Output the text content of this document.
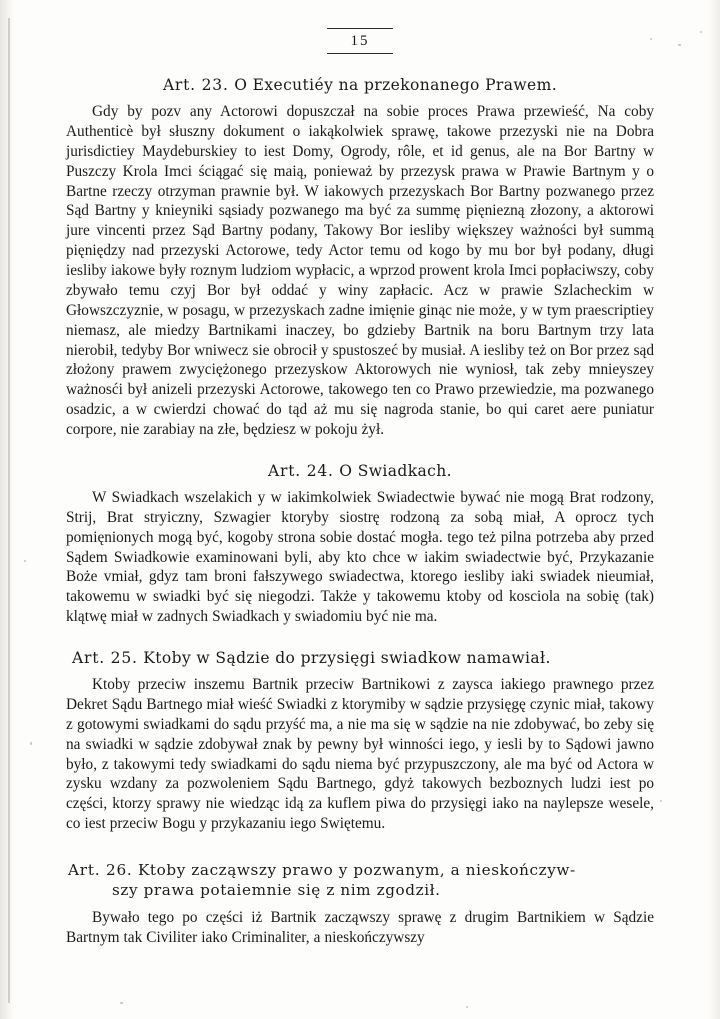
15
Art. 23. O Executiéy na przekonanego Prawem.

Gdy by pozv any Actorowi dopuszczał na sobie proces Prawa przewieść, Na coby Authenticè był słuszny dokument o iakąkolwiek sprawę, takowe przezyski nie na Dobra jurisdictiey Maydeburskiey to iest Domy, Ogrody, rôle, et id genus, ale na Bor Bartny w Puszczy Krola Imci ściągać się maią, ponieważ by przezysk prawa w Prawie Bartnym y o Bartne rzeczy otrzyman prawnie był. W iakowych przezyskach Bor Bartny pozwanego przez Sąd Bartny y knieyniki sąsiady pozwanego ma być za summę pięniezną złozony, a aktorowi jure vincenti przez Sąd Bartny podany, Takowy Bor iesliby większey ważności był summą pięniędzy nad przezyski Actorowe, tedy Actor temu od kogo by mu bor był podany, długi iesliby iakowe były roznym ludziom wypłacic, a wprzod prowent krola Imci popłaciwszy, coby zbywało temu czyj Bor był oddać y winy zapłacic. Acz w prawie Szlacheckim w Głowszczyznie, w posagu, w przezyskach zadne imięnie ginąc nie może, y w tym praescriptiey niemasz, ale miedzy Bartnikami inaczey, bo gdzieby Bartnik na boru Bartnym trzy lata nierobił, tedyby Bor wniwecz sie obrocił y spustoszeć by musiał. A iesliby też on Bor przez sąd złożony prawem zwyciężonego przezyskow Aktorowych nie wyniosł, tak zeby mnieyszey ważnosći był anizeli przezyski Actorowe, takowego ten co Prawo przewiedzie, ma pozwanego osadzic, a w cwierdzi chować do tąd aż mu się nagroda stanie, bo qui caret aere puniatur corpore, nie zarabiay na złe, będziesz w pokoju żył.

Art. 24. O Swiadkach.

W Swiadkach wszelakich y w iakimkolwiek Swiadectwie bywać nie mogą Brat rodzony, Strij, Brat stryiczny, Szwagier ktoryby siostrę rodzoną za sobą miał, A oprocz tych pomięnionych mogą być, kogoby strona sobie dostać mogła. tego też pilna potrzeba aby przed Sądem Swiadkowie examinowani byli, aby kto chce w iakim swiadectwie być, Przykazanie Boże vmiał, gdyz tam broni fałszywego swiadectwa, ktorego iesliby iaki swiadek nieumiał, takowemu w swiadki być się niegodzi. Także y takowemu ktoby od kosciola na sobię (tak) klątwę miał w zadnych Swiadkach y swiadomiu być nie ma.

Art. 25. Ktoby w Sądzie do przysięgi swiadkow namawiał.

Ktoby przeciw inszemu Bartnik przeciw Bartnikowi z zaysca iakiego prawnego przez Dekret Sądu Bartnego miał wieść Swiadki z ktorymiby w sądzie przysięgę czynic miał, takowy z gotowymi swiadkami do sądu przyść ma, a nie ma się w sądzie na nie zdobywać, bo zeby się na swiadki w sądzie zdobywał znak by pewny był winności iego, y iesli by to Sądowi jawno było, z takowymi tedy swiadkami do sądu niema być przypuszczony, ale ma być od Actora w zysku wzdany za pozwoleniem Sądu Bartnego, gdyż takowych bezboznych ludzi iest po części, ktorzy sprawy nie wiedząc idą za kuflem piwa do przysięgi iako na naylepsze wesele, co iest przeciw Bogu y przykazaniu iego Swiętemu.

Art. 26. Ktoby zacząwszy prawo y pozwanym, a nieskończyw-
szy prawa potaiemnie się z nim zgodził.

Bywało tego po części iż Bartnik zacząwszy sprawę z drugim Bartnikiem w Sądzie Bartnym tak Civiliter iako Criminaliter, a nieskończywszy
